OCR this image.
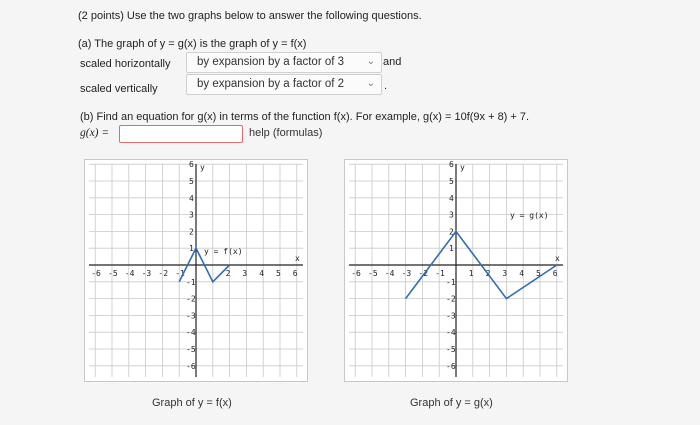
(2 points) Use the two graphs below to answer the following questions.
(a) The graph of y = g(x) is the graph of y = f(x)
scaled horizontally	by expansion by a factor of 3 ⌄ and
scaled vertically	by expansion by a factor of 2 ⌄ .
(b) Find an equation for g(x) in terms of the function f(x). For example, g(x) = 10f(9x + 8) + 7.
g(x) =	help (formulas)
-6 -5 -4 -3 -2 -1	2 3 4 5 6
6
5
4
3
2
1
-1
-2
-3
-4
-5
-6
y
x
y = f(x)
Graph of y = f(x)
-6 -5 -4 -3 -2 -1	1 2 3 4 5 6
6
5
4
3
2
1
-1
-2
-3
-4
-5
-6
y
x
y = g(x)
Graph of y = g(x)
